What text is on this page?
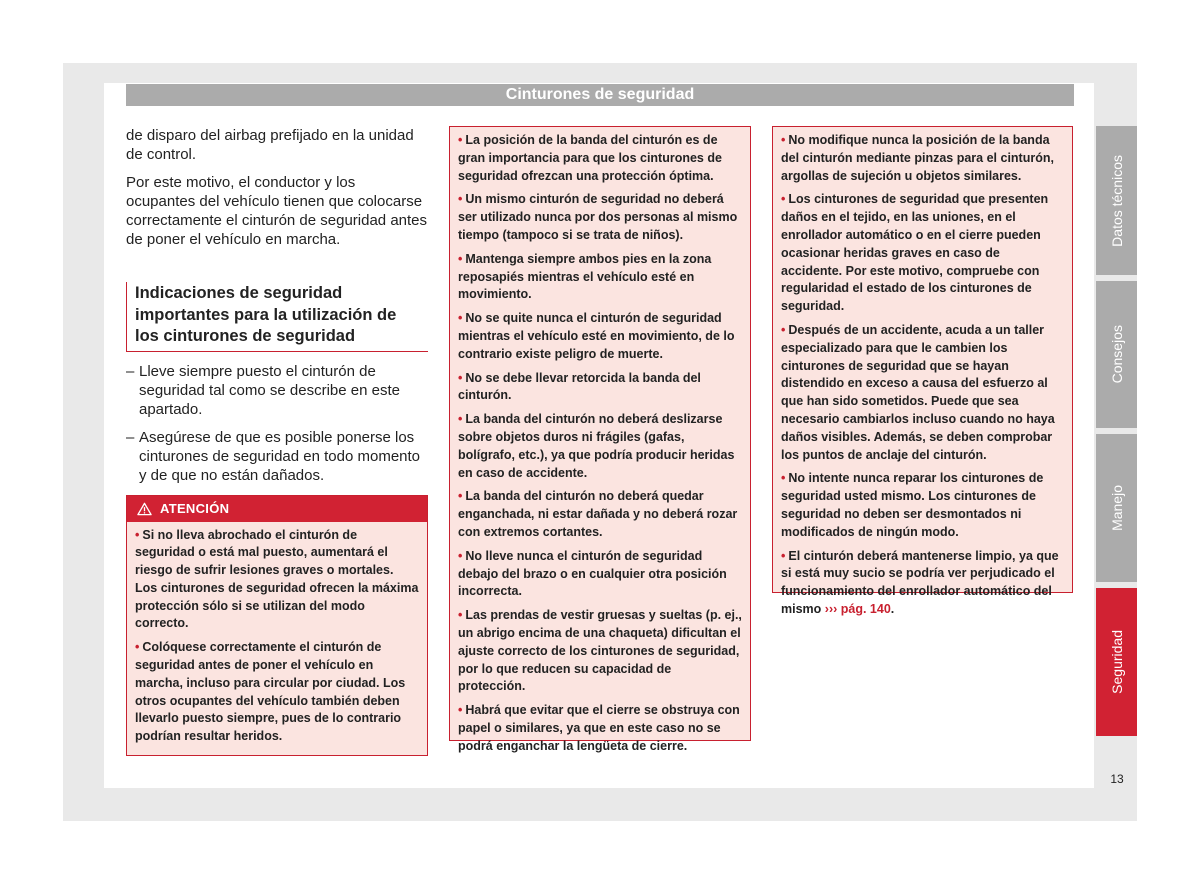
Cinturones de seguridad

de disparo del airbag prefijado en la unidad de control.

Por este motivo, el conductor y los ocupantes del vehículo tienen que colocarse correctamente el cinturón de seguridad antes de poner el vehículo en marcha.

Indicaciones de seguridad importantes para la utilización de los cinturones de seguridad
– Lleve siempre puesto el cinturón de seguridad tal como se describe en este apartado.
– Asegúrese de que es posible ponerse los cinturones de seguridad en todo momento y de que no están dañados.
ATENCIÓN

• Si no lleva abrochado el cinturón de seguridad o está mal puesto, aumentará el riesgo de sufrir lesiones graves o mortales. Los cinturones de seguridad ofrecen la máxima protección sólo si se utilizan del modo correcto.

• Colóquese correctamente el cinturón de seguridad antes de poner el vehículo en marcha, incluso para circular por ciudad. Los otros ocupantes del vehículo también deben llevarlo puesto siempre, pues de lo contrario podrían resultar heridos.

• La posición de la banda del cinturón es de gran importancia para que los cinturones de seguridad ofrezcan una protección óptima.

• Un mismo cinturón de seguridad no deberá ser utilizado nunca por dos personas al mismo tiempo (tampoco si se trata de niños).

• Mantenga siempre ambos pies en la zona reposapiés mientras el vehículo esté en movimiento.

• No se quite nunca el cinturón de seguridad mientras el vehículo esté en movimiento, de lo contrario existe peligro de muerte.

• No se debe llevar retorcida la banda del cinturón.

• La banda del cinturón no deberá deslizarse sobre objetos duros ni frágiles (gafas, bolígrafo, etc.), ya que podría producir heridas en caso de accidente.

• La banda del cinturón no deberá quedar enganchada, ni estar dañada y no deberá rozar con extremos cortantes.

• No lleve nunca el cinturón de seguridad debajo del brazo o en cualquier otra posición incorrecta.

• Las prendas de vestir gruesas y sueltas (p. ej., un abrigo encima de una chaqueta) dificultan el ajuste correcto de los cinturones de seguridad, por lo que reducen su capacidad de protección.

• Habrá que evitar que el cierre se obstruya con papel o similares, ya que en este caso no se podrá enganchar la lengüeta de cierre.

• No modifique nunca la posición de la banda del cinturón mediante pinzas para el cinturón, argollas de sujeción u objetos similares.

• Los cinturones de seguridad que presenten daños en el tejido, en las uniones, en el enrollador automático o en el cierre pueden ocasionar heridas graves en caso de accidente. Por este motivo, compruebe con regularidad el estado de los cinturones de seguridad.

• Después de un accidente, acuda a un taller especializado para que le cambien los cinturones de seguridad que se hayan distendido en exceso a causa del esfuerzo al que han sido sometidos. Puede que sea necesario cambiarlos incluso cuando no haya daños visibles. Además, se deben comprobar los puntos de anclaje del cinturón.

• No intente nunca reparar los cinturones de seguridad usted mismo. Los cinturones de seguridad no deben ser desmontados ni modificados de ningún modo.

• El cinturón deberá mantenerse limpio, ya que si está muy sucio se podría ver perjudicado el funcionamiento del enrollador automático del mismo ››› pág. 140.

Datos técnicos
Consejos
Manejo
Seguridad
13
